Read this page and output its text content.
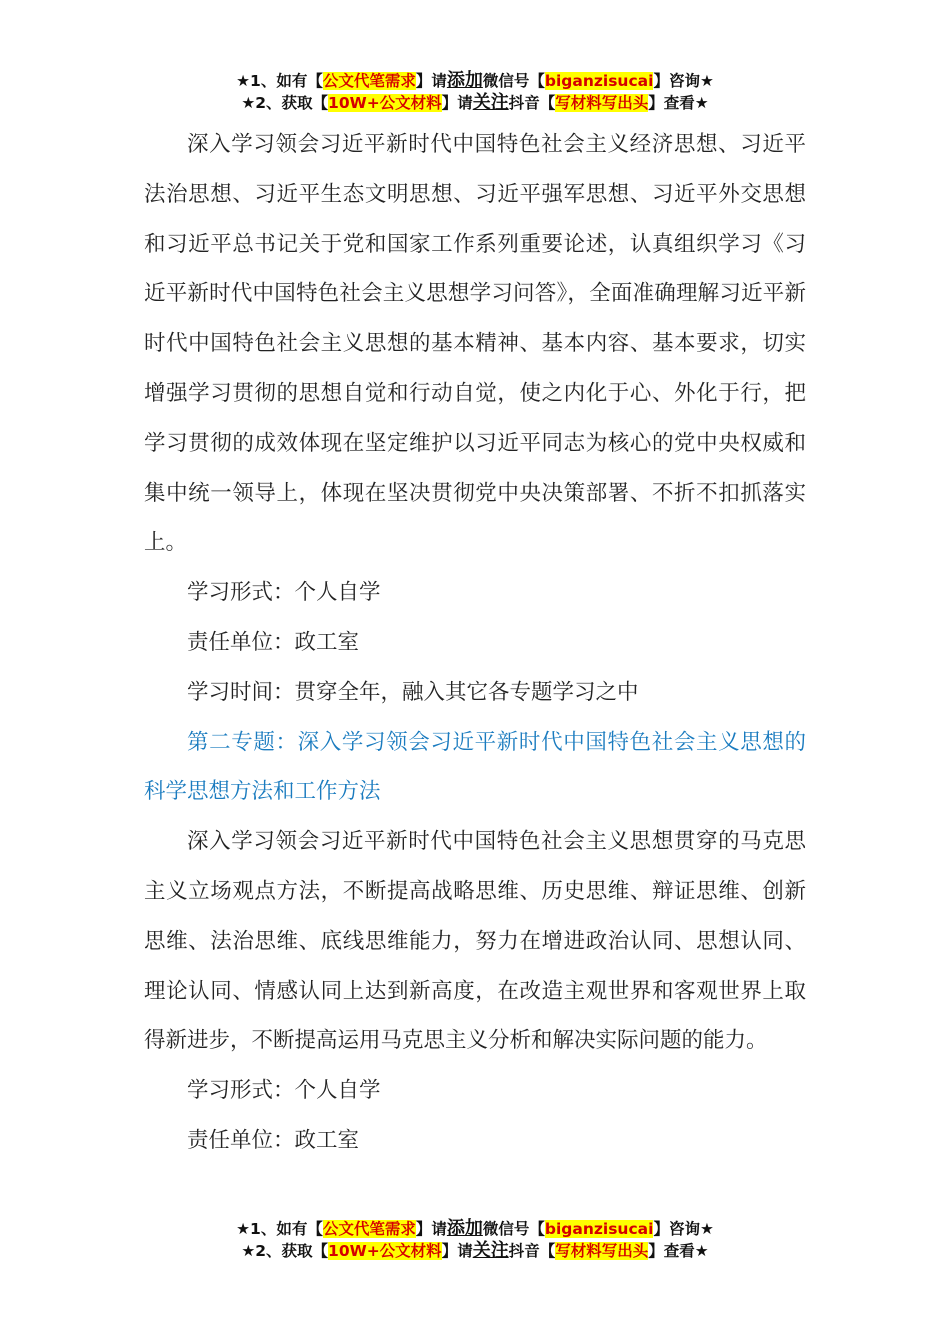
★1、如有【公文代笔需求】请添加微信号【biganzisucai】咨询★
★2、获取【10W+公文材料】请关注抖音【写材料写出头】查看★

深入学习领会习近平新时代中国特色社会主义经济思想、习近平法治思想、习近平生态文明思想、习近平强军思想、习近平外交思想和习近平总书记关于党和国家工作系列重要论述，认真组织学习《习近平新时代中国特色社会主义思想学习问答》，全面准确理解习近平新时代中国特色社会主义思想的基本精神、基本内容、基本要求，切实增强学习贯彻的思想自觉和行动自觉，使之内化于心、外化于行，把学习贯彻的成效体现在坚定维护以习近平同志为核心的党中央权威和集中统一领导上，体现在坚决贯彻党中央决策部署、不折不扣抓落实上。

学习形式：个人自学

责任单位：政工室

学习时间：贯穿全年，融入其它各专题学习之中

第二专题：深入学习领会习近平新时代中国特色社会主义思想的科学思想方法和工作方法

深入学习领会习近平新时代中国特色社会主义思想贯穿的马克思主义立场观点方法，不断提高战略思维、历史思维、辩证思维、创新思维、法治思维、底线思维能力，努力在增进政治认同、思想认同、理论认同、情感认同上达到新高度，在改造主观世界和客观世界上取得新进步，不断提高运用马克思主义分析和解决实际问题的能力。

学习形式：个人自学

责任单位：政工室

★1、如有【公文代笔需求】请添加微信号【biganzisucai】咨询★
★2、获取【10W+公文材料】请关注抖音【写材料写出头】查看★
